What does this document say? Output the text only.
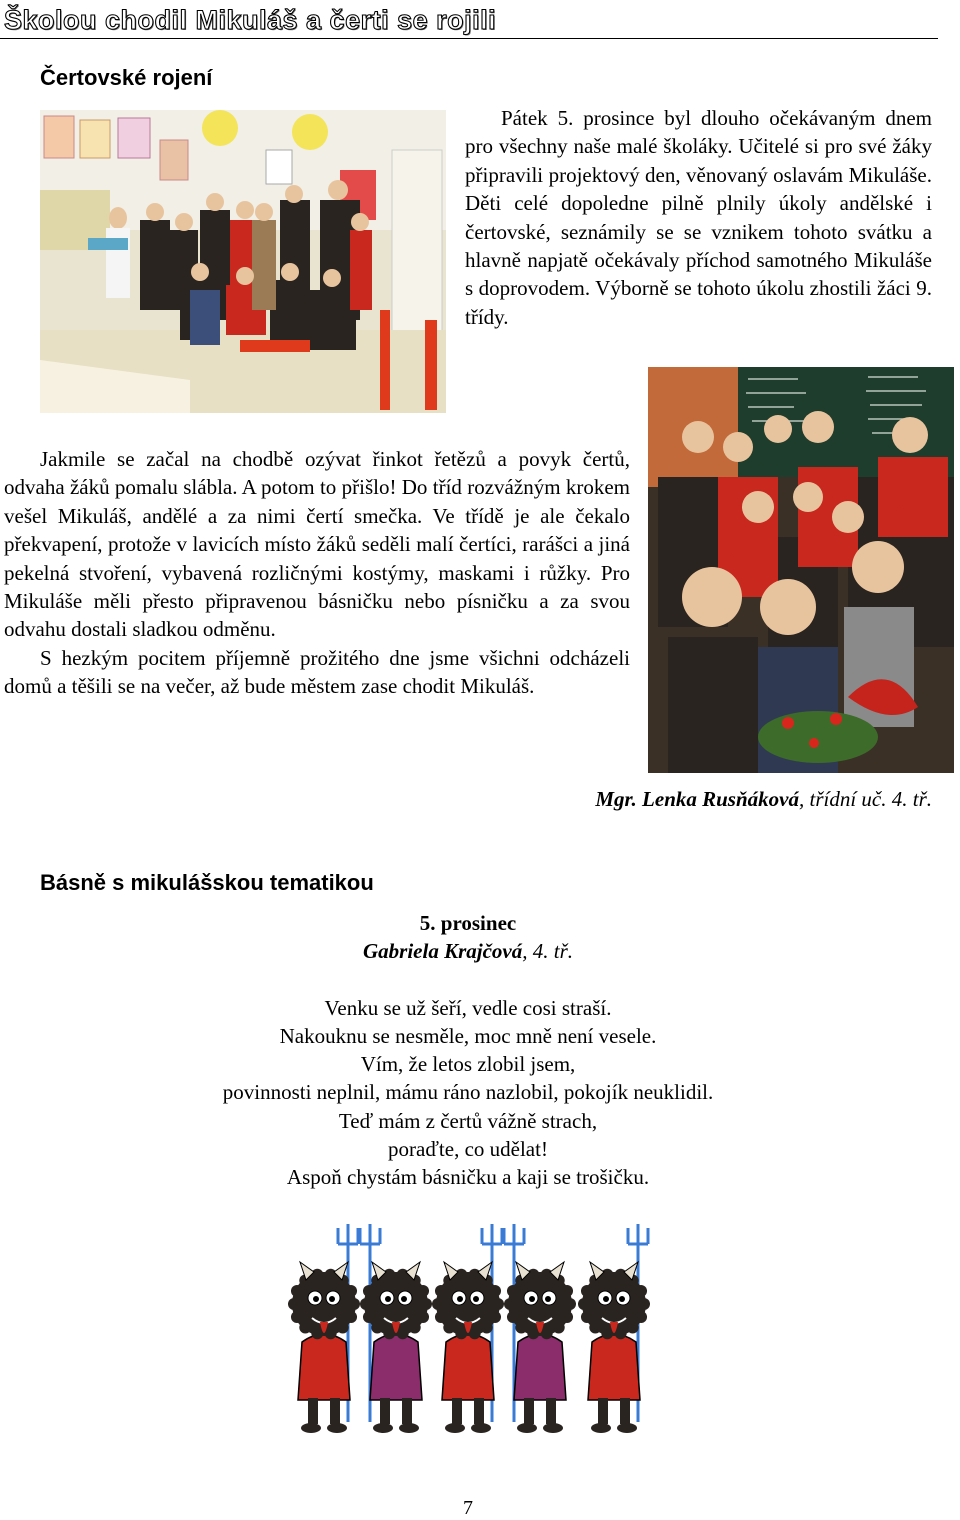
Školou chodil Mikuláš a čerti se rojili
Čertovské rojení
Pátek 5. prosince byl dlouho očekávaným dnem pro všechny naše malé školáky. Učitelé si pro své žáky připravili projektový den, věnovaný oslavám Mikuláše. Děti celé dopoledne pilně plnily úkoly andělské i čertovské, seznámily se se vznikem tohoto svátku a hlavně napjatě očekávaly příchod samotného Mikuláše s doprovodem. Výborně se tohoto úkolu zhostili žáci 9. třídy.

Jakmile se začal na chodbě ozývat řinkot řetězů a povyk čertů, odvaha žáků pomalu slábla. A potom to přišlo! Do tříd rozvážným krokem vešel Mikuláš, andělé a za nimi čertí smečka. Ve třídě je ale čekalo překvapení, protože v lavicích místo žáků seděli malí čertíci, rarášci a jiná pekelná stvoření, vybavená rozličnými kostýmy, maskami i růžky. Pro Mikuláše měli přesto připravenou básničku nebo písničku a za svou odvahu dostali sladkou odměnu.

S hezkým pocitem příjemně prožitého dne jsme všichni odcházeli domů a těšili se na večer, až bude městem zase chodit Mikuláš.

Mgr. Lenka Rusňáková, třídní uč. 4. tř.
Básně s mikulášskou tematikou
5. prosinec
Gabriela Krajčová, 4. tř.
Venku se už šeří, vedle cosi straší.
Nakouknu se nesměle, moc mně není vesele.
Vím, že letos zlobil jsem,
povinnosti neplnil, mámu ráno nazlobil, pokojík neuklidil.
Teď mám z čertů vážně strach,
poraďte, co udělat!
Aspoň chystám básničku a kaji se trošičku.
7
